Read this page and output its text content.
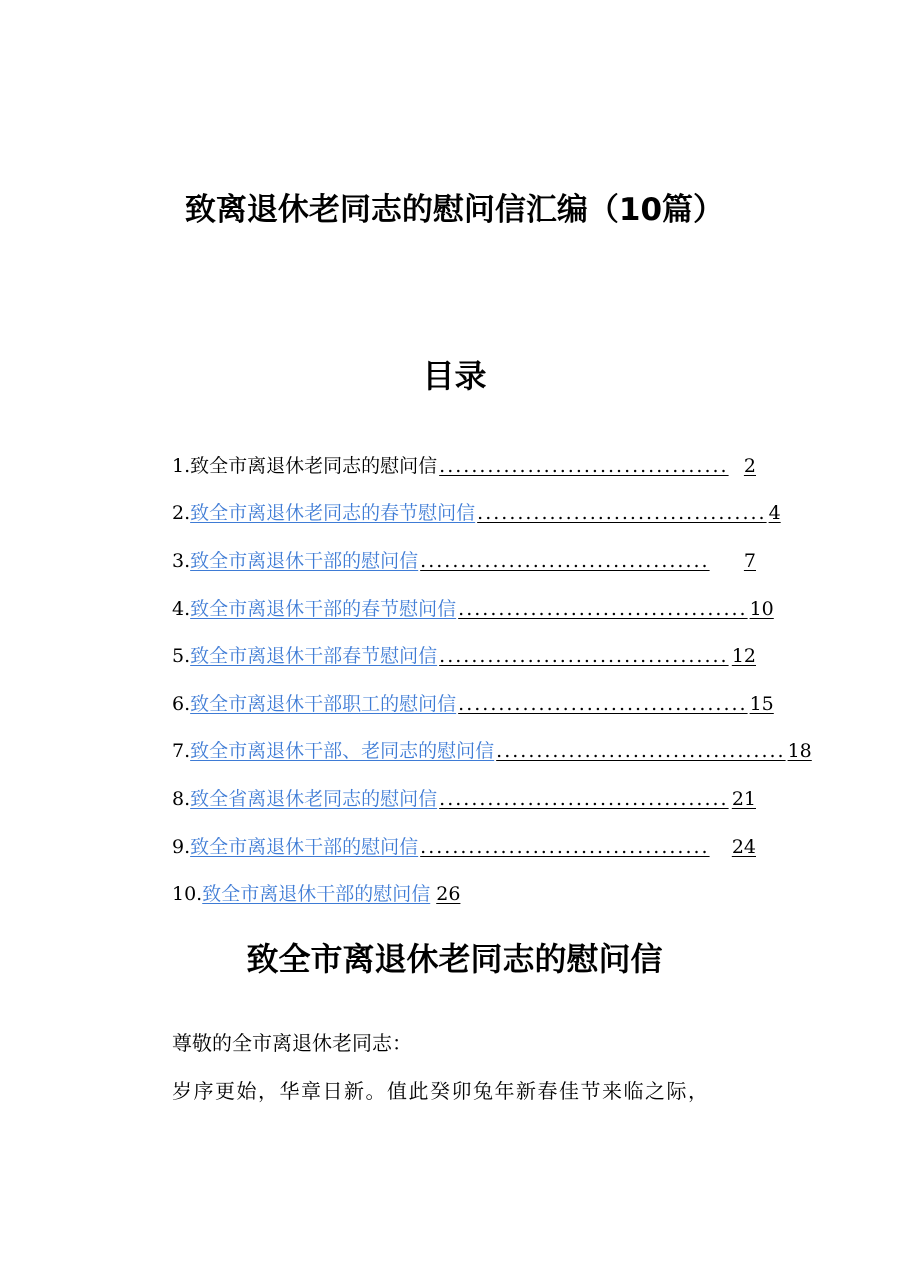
致离退休老同志的慰问信汇编（10篇）
目录
1. 致全市离退休老同志的慰问信 .................................... 2
2. 致全市离退休老同志的春节慰问信 .................................... 4
3. 致全市离退休干部的慰问信 ....................................	7
4. 致全市离退休干部的春节慰问信 .................................... 10
5. 致全市离退休干部春节慰问信 .................................... 12
6. 致全市离退休干部职工的慰问信 .................................... 15
7. 致全市离退休干部、老同志的慰问信 .................................... 18
8. 致全省离退休老同志的慰问信 .................................... 21
9. 致全市离退休干部的慰问信 ....................................	24
10. 致全市离退休干部的慰问信 26
致全市离退休老同志的慰问信
尊敬的全市离退休老同志：
岁序更始，华章日新。值此癸卯兔年新春佳节来临之际，
